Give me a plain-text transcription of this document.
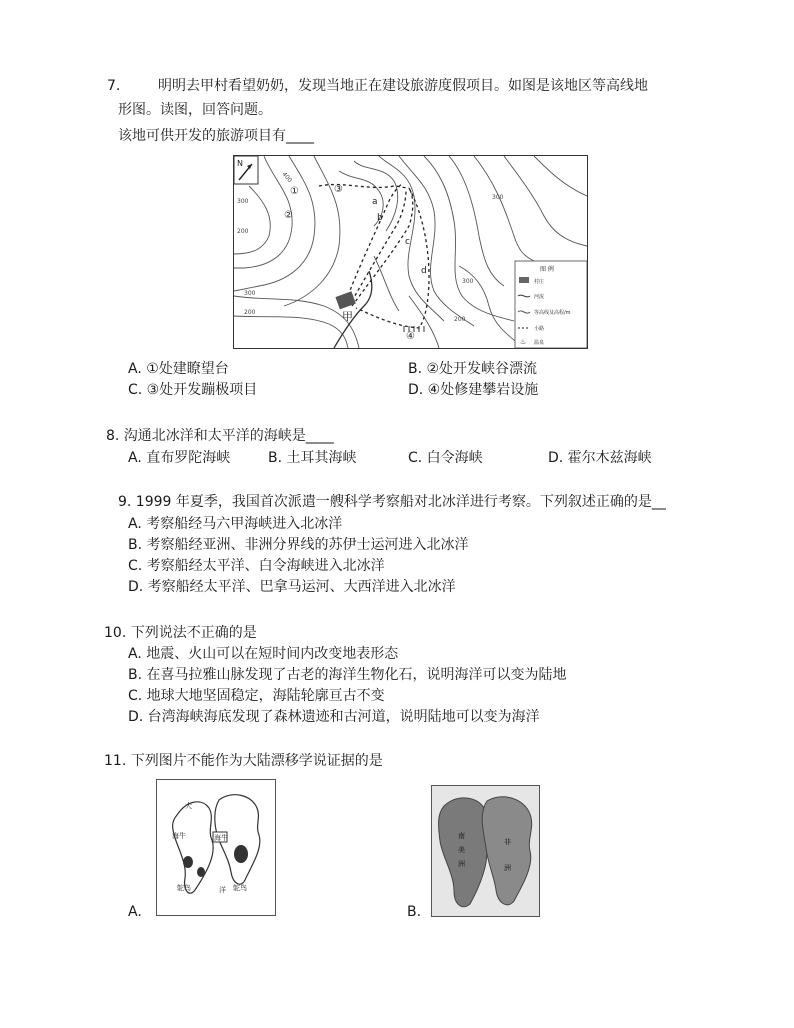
7.	明明去甲村看望奶奶，发现当地正在建设旅游度假项目。如图是该地区等高线地
形图。读图，回答问题。
该地可供开发的旅游项目有____
N
甲
400
300
200
300
200
300
200
300
③
②
①
④
a
b
c
d	图 例
村庄
河流
等高线及高程/m
小路
♨ 温泉
A. ①处建瞭望台	B. ②处开发峡谷漂流
C. ③处开发蹦极项目	D. ④处修建攀岩设施
8. 沟通北冰洋和太平洋的海峡是____
A. 直布罗陀海峡	B. 土耳其海峡	C. 白令海峡	D. 霍尔木兹海峡
9. 1999 年夏季，我国首次派遣一艘科学考察船对北冰洋进行考察。下列叙述正确的是__
A. 考察船经马六甲海峡进入北冰洋
B. 考察船经亚洲、非洲分界线的苏伊士运河进入北冰洋
C. 考察船经太平洋、白令海峡进入北冰洋
D. 考察船经太平洋、巴拿马运河、大西洋进入北冰洋
10. 下列说法不正确的是
A. 地震、火山可以在短时间内改变地表形态
B. 在喜马拉雅山脉发现了古老的海洋生物化石，说明海洋可以变为陆地
C. 地球大地坚固稳定，海陆轮廓亘古不变
D. 台湾海峡海底发现了森林遗迹和古河道，说明陆地可以变为海洋
11. 下列图片不能作为大陆漂移学说证据的是
大
海牛	海牛
鸵鸟	鸵鸟
洋
A.
南
美
洲
非
洲
B.
